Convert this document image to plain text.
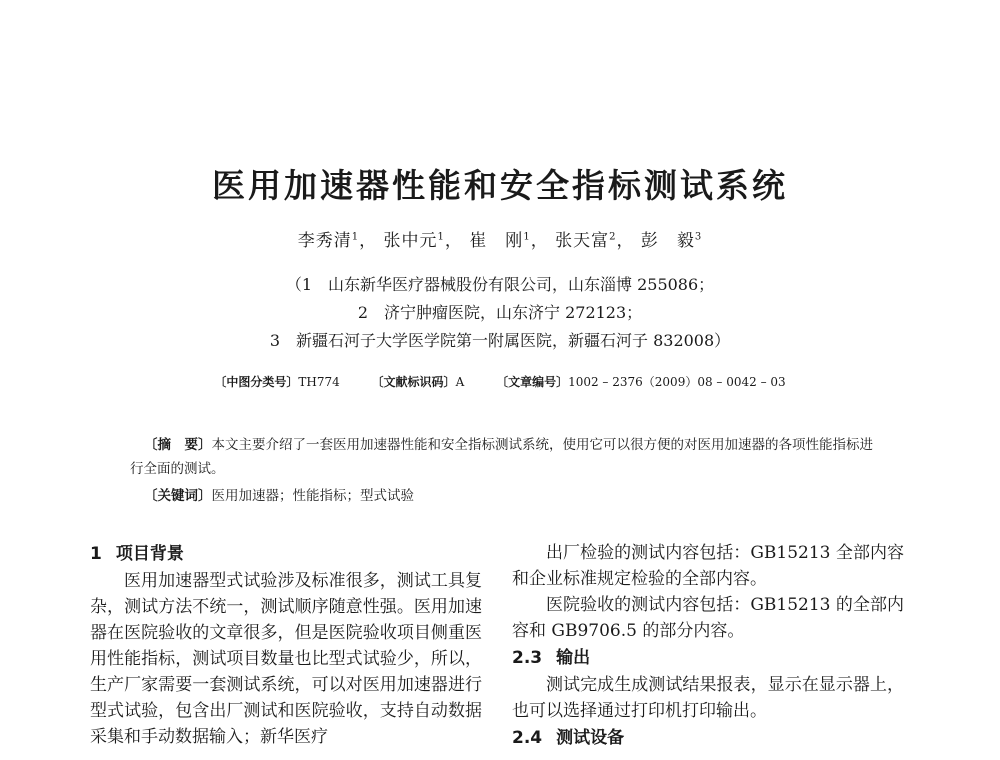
医用加速器性能和安全指标测试系统
李秀清$^1$， 张中元$^1$， 崔　刚$^1$， 张天富$^2$， 彭　毅$^3$

（1　山东新华医疗器械股份有限公司，山东淄博 255086；

2　济宁肿瘤医院，山东济宁 272123；

3　新疆石河子大学医学院第一附属医院，新疆石河子 832008）

〔中图分类号〕TH774	〔文献标识码〕A	〔文章编号〕1002 – 2376（2009）08 – 0042 – 03

〔摘　要〕本文主要介绍了一套医用加速器性能和安全指标测试系统，使用它可以很方便的对医用加速器的各项性能指标进行全面的测试。

〔关键词〕医用加速器；性能指标；型式试验

1 项目背景

医用加速器型式试验涉及标准很多，测试工具复杂，测试方法不统一，测试顺序随意性强。医用加速器在医院验收的文章很多，但是医院验收项目侧重医用性能指标，测试项目数量也比型式试验少，所以，生产厂家需要一套测试系统，可以对医用加速器进行型式试验，包含出厂测试和医院验收，支持自动数据采集和手动数据输入；新华医疗

出厂检验的测试内容包括：GB15213 全部内容和企业标准规定检验的全部内容。

医院验收的测试内容包括：GB15213 的全部内容和 GB9706.5 的部分内容。

2.3 输出

测试完成生成测试结果报表，显示在显示器上，也可以选择通过打印机打印输出。

2.4 测试设备
